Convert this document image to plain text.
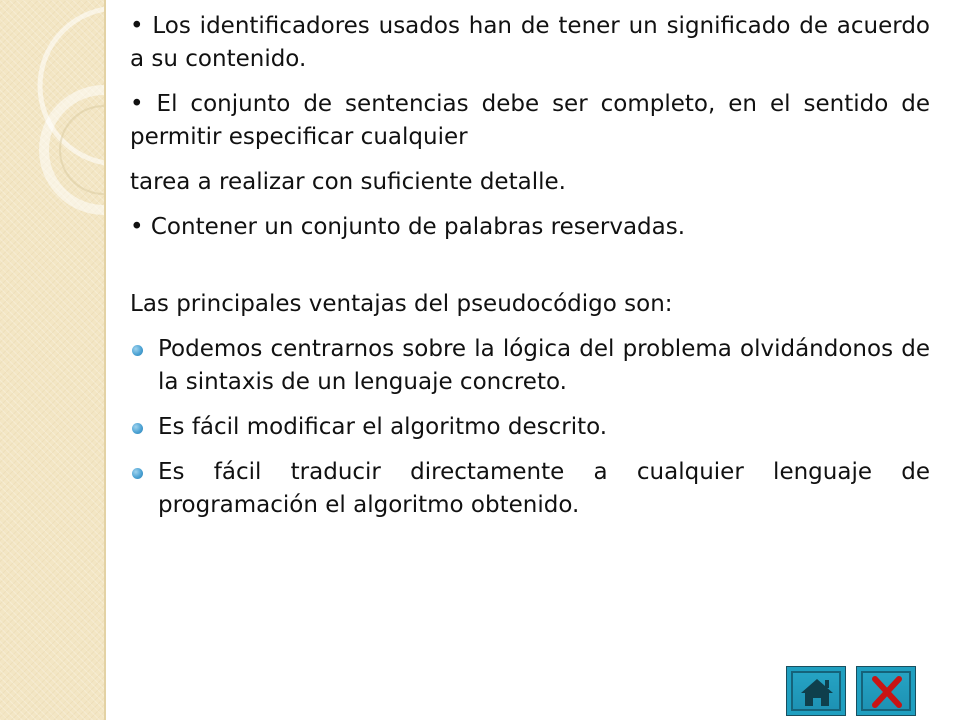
• Los identificadores usados han de tener un significado de acuerdo a su contenido.

• El conjunto de sentencias debe ser completo, en el sentido de permitir especificar cualquier

tarea a realizar con suficiente detalle.

• Contener un conjunto de palabras reservadas.

Las principales ventajas del pseudocódigo son:

Podemos centrarnos sobre la lógica del problema olvidándonos de la sintaxis de un lenguaje concreto.
Es fácil modificar el algoritmo descrito.
Es fácil traducir directamente a cualquier lenguaje de programación el algoritmo obtenido.
